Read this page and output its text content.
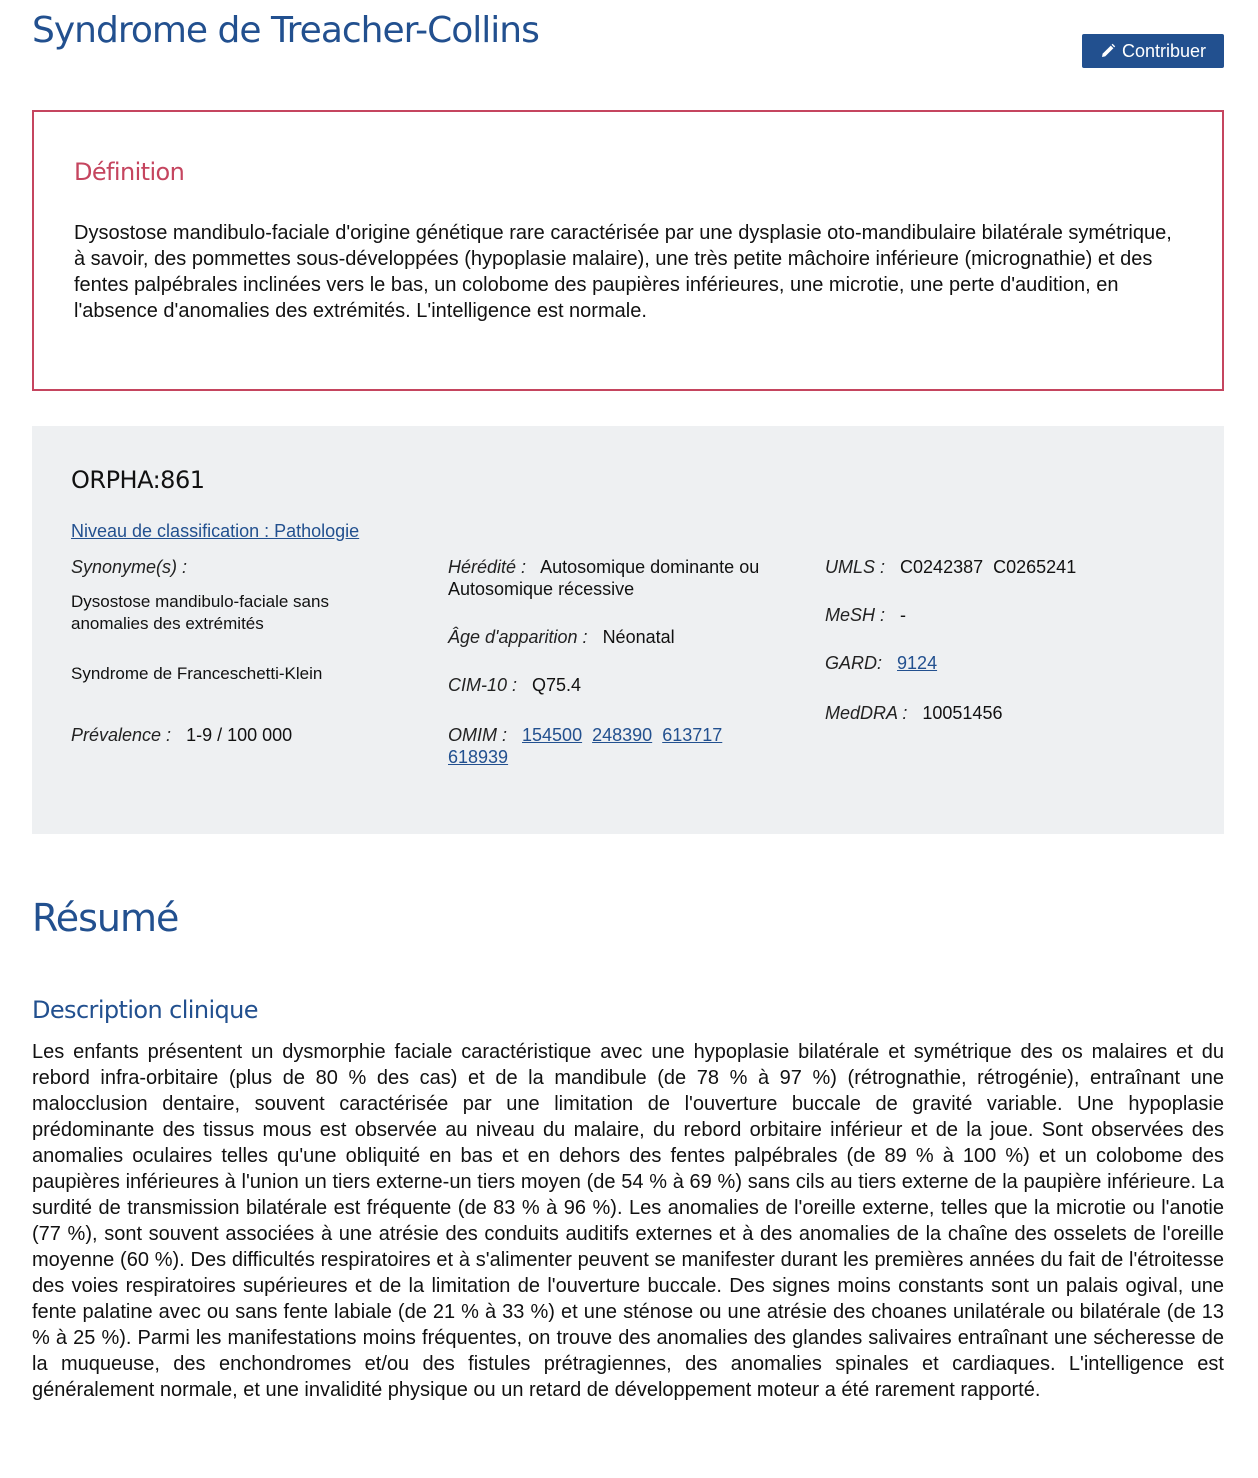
Syndrome de Treacher-Collins	Contribuer
Définition

Dysostose mandibulo-faciale d'origine génétique rare caractérisée par une dysplasie oto-mandibulaire bilatérale symétrique, à savoir, des pommettes sous-développées (hypoplasie malaire), une très petite mâchoire inférieure (micrognathie) et des fentes palpébrales inclinées vers le bas, un colobome des paupières inférieures, une microtie, une perte d'audition, en l'absence d'anomalies des extrémités. L'intelligence est normale.

ORPHA:861
Niveau de classification : Pathologie
Synonyme(s) :
Dysostose mandibulo-faciale sans anomalies des extrémités
Syndrome de Franceschetti-Klein
Prévalence : 1-9 / 100 000
Hérédité : Autosomique dominante ou Autosomique récessive
Âge d'apparition : Néonatal
CIM-10 : Q75.4
OMIM : 154500 248390 613717
618939
UMLS : C0242387 C0265241
MeSH : -
GARD: 9124
MedDRA : 10051456
Résumé
Description clinique

Les enfants présentent un dysmorphie faciale caractéristique avec une hypoplasie bilatérale et symétrique des os malaires et du rebord infra-orbitaire (plus de 80 % des cas) et de la mandibule (de 78 % à 97 %) (rétrognathie, rétrogénie), entraînant une malocclusion dentaire, souvent caractérisée par une limitation de l'ouverture buccale de gravité variable. Une hypoplasie prédominante des tissus mous est observée au niveau du malaire, du rebord orbitaire inférieur et de la joue. Sont observées des anomalies oculaires telles qu'une obliquité en bas et en dehors des fentes palpébrales (de 89 % à 100 %) et un colobome des paupières inférieures à l'union un tiers externe-un tiers moyen (de 54 % à 69 %) sans cils au tiers externe de la paupière inférieure. La surdité de transmission bilatérale est fréquente (de 83 % à 96 %). Les anomalies de l'oreille externe, telles que la microtie ou l'anotie (77 %), sont souvent associées à une atrésie des conduits auditifs externes et à des anomalies de la chaîne des osselets de l'oreille moyenne (60 %). Des difficultés respiratoires et à s'alimenter peuvent se manifester durant les premières années du fait de l'étroitesse des voies respiratoires supérieures et de la limitation de l'ouverture buccale. Des signes moins constants sont un palais ogival, une fente palatine avec ou sans fente labiale (de 21 % à 33 %) et une sténose ou une atrésie des choanes unilatérale ou bilatérale (de 13 % à 25 %). Parmi les manifestations moins fréquentes, on trouve des anomalies des glandes salivaires entraînant une sécheresse de la muqueuse, des enchondromes et/ou des fistules prétragiennes, des anomalies spinales et cardiaques. L'intelligence est généralement normale, et une invalidité physique ou un retard de développement moteur a été rarement rapporté.
